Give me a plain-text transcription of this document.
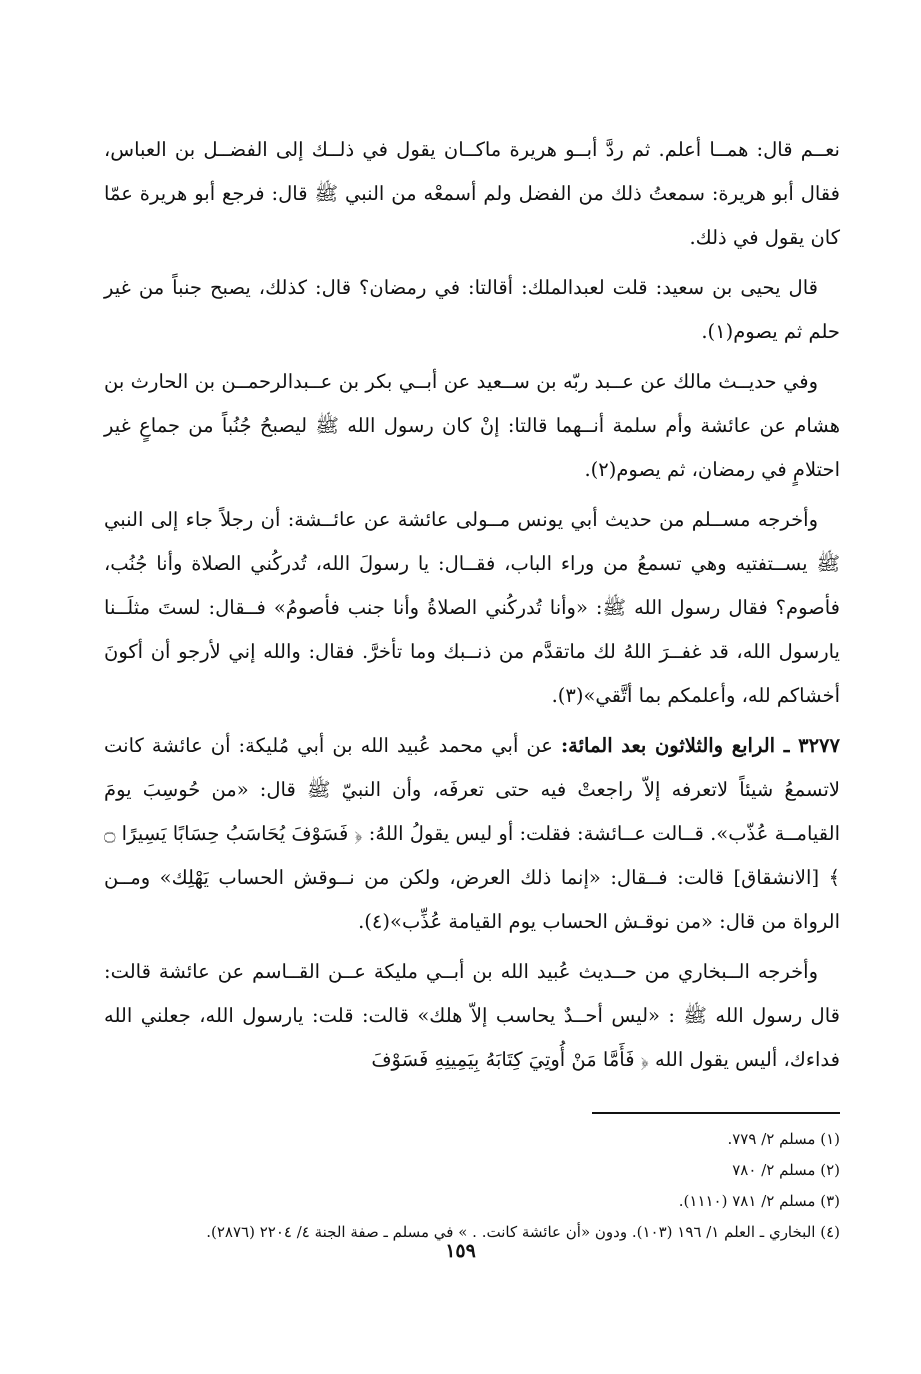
نعــم قال: همــا أعلم. ثم ردَّ أبــو هريرة ماكــان يقول في ذلــك إلى الفضــل بن العباس، فقال أبو هريرة: سمعتُ ذلك من الفضل ولم أسمعْه من النبي ﷺ قال: فرجع أبو هريرة عمّا كان يقول في ذلك.

قال يحيى بن سعيد: قلت لعبدالملك: أقالتا: في رمضان؟ قال: كذلك، يصبح جنباً من غير حلم ثم يصوم(١).

وفي حديــث مالك عن عــبد ربّه بن ســعيد عن أبــي بكر بن عــبدالرحمــن بن الحارث بن هشام عن عائشة وأم سلمة أنــهما قالتا: إنْ كان رسول الله ﷺ ليصبحُ جُنُباً من جماعٍ غير احتلامٍ في رمضان، ثم يصوم(٢).

وأخرجه مســلم من حديث أبي يونس مــولى عائشة عن عائــشة: أن رجلاً جاء إلى النبي ﷺ يســتفتيه وهي تسمعُ من وراء الباب، فقــال: يا رسولَ الله، تُدركُني الصلاة وأنا جُنُب، فأصوم؟ فقال رسول الله ﷺ: «وأنا تُدركُني الصلاةُ وأنا جنب فأصومُ» فــقال: لستَ مثلَــنا يارسول الله، قد غفــرَ اللهُ لك ماتقدَّم من ذنــبك وما تأخرَّ. فقال: والله إني لأرجو أن أكونَ أخشاكم لله، وأعلمكم بما أتَّقي»(٣).

٣٢٧٧ ـ الرابع والثلاثون بعد المائة: عن أبي محمد عُبيد الله بن أبي مُليكة: أن عائشة كانت لاتسمعُ شيئاً لاتعرفه إلاّ راجعتْ فيه حتى تعرفَه، وأن النبيّ ﷺ قال: «من حُوسِبَ يومَ القيامــة عُذّب». قــالت عــائشة: فقلت: أو ليس يقولُ اللهُ: ﴿ فَسَوْفَ يُحَاسَبُ حِسَابًا يَسِيرًا ۝ ﴾ [الانشقاق] قالت: فــقال: «إنما ذلك العرض، ولكن من نــوقش الحساب يَهْلِك» ومــن الرواة من قال: «من نوقـش الحساب يوم القيامة عُذِّب»(٤).

وأخرجه الــبخاري من حــديث عُبيد الله بن أبــي مليكة عــن القــاسم عن عائشة قالت: قال رسول الله ﷺ : «ليس أحــدٌ يحاسب إلاّ هلك» قالت: قلت: يارسول الله، جعلني الله فداءك، أليس يقول الله ﴿ فَأَمَّا مَنْ أُوتِيَ كِتَابَهُ بِيَمِينِهِ فَسَوْفَ

(١) مسلم ٢/ ٧٧٩.

(٢) مسلم ٢/ ٧٨٠

(٣) مسلم ٢/ ٧٨١ (١١١٠).

(٤) البخاري ـ العلم ١/ ١٩٦ (١٠٣). ودون «أن عائشة كانت. . » في مسلم ـ صفة الجنة ٤/ ٢٢٠٤ (٢٨٧٦).

١٥٩
